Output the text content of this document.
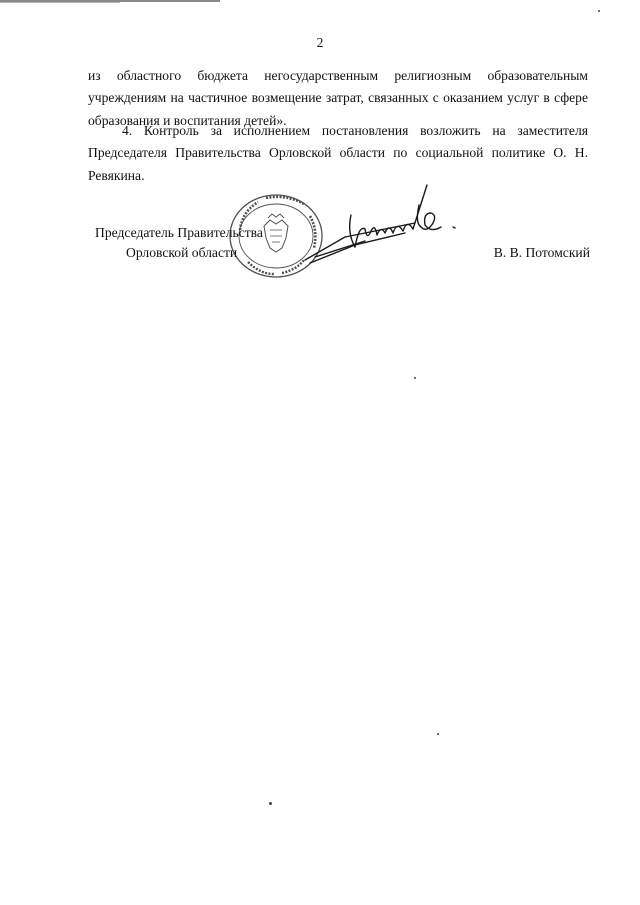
2

из областного бюджета негосударственным религиозным образовательным учреждениям на частичное возмещение затрат, связанных с оказанием услуг в сфере образования и воспитания детей».

4. Контроль за исполнением постановления возложить на заместителя Председателя Правительства Орловской области по социальной политике О. Н. Ревякина.

Председатель Правительства
Орловской области	В. В. Потомский
